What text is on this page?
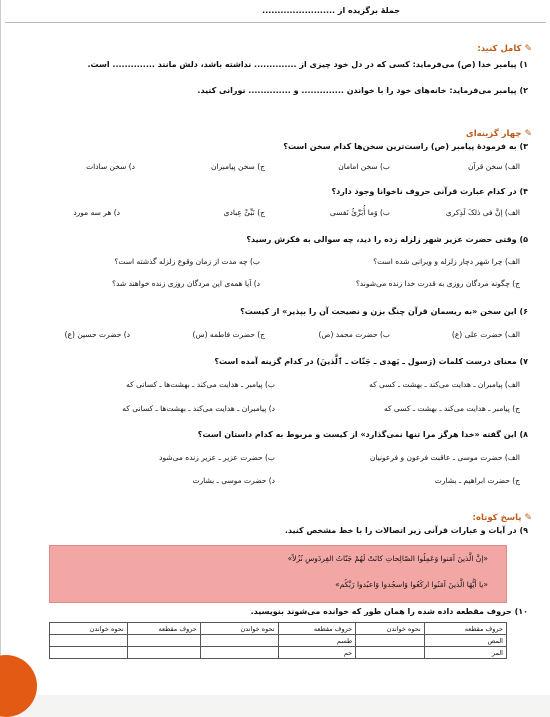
جملهٔ برگزیده از ........................
✎کامل کنید:
۱) پیامبر خدا (ص) می‌فرماید: کسی که در دل خود چیزی از .............. نداشته باشد، دلش مانند .............. است.
۲) پیامبر می‌فرماید: خانه‌های خود را با خواندن .............. و .............. نورانی کنید.
✎چهار گزینه‌ای
۳) به فرمودهٔ پیامبر (ص) راست‌ترین سخن‌ها کدام سخن است؟
الف) سخن قرآن
ب) سخن امامان
ج) سخن پیامبران
د) سخن سادات
۴) در کدام عبارت قرآنی حروف ناخوانا وجود دارد؟
الف) إنَّ فی ذلکَ لَذِکری
ب) وَما أُبَرِّئُ نَفسی
ج) نَبِّئْ عِبادی
د) هر سه مورد
۵) وقتی حضرت عزیر شهر زلزله زده را دید، چه سوالی به فکرش رسید؟
الف) چرا شهر دچار زلزله و ویرانی شده است؟
ب) چه مدت از زمان وقوع زلزله گذشته است؟
ج) چگونه مردگان روزی به قدرت خدا زنده می‌شوند؟
د) آیا همه‌ی این مردگان روزی زنده خواهند شد؟
۶) این سخن «به ریسمان قرآن چنگ بزن و نصیحت آن را بپذیر» از کیست؟
الف) حضرت علی (ع)
ب) حضرت محمد (ص)
ج) حضرت فاطمه (س)
د) حضرت حسین (ع)
۷) معنای درست کلمات (رَسول ـ یَهدی ـ جَنّات ـ ٱلَّذینَ) در کدام گزینه آمده است؟
الف) پیامبران ـ هدایت می‌کند ـ بهشت ـ کسی که
ب) پیامبر ـ هدایت می‌کند ـ بهشت‌ها ـ کسانی که
ج) پیامبر ـ هدایت می‌کند ـ بهشت ـ کسی که
د) پیامبران ـ هدایت می‌کند ـ بهشت‌ها ـ کسانی که
۸) این گفته «خدا هرگز مرا تنها نمی‌گذارد» از کیست و مربوط به کدام داستان است؟
الف) حضرت موسی ـ عاقبت فرعون و فرعونیان
ب) حضرت عزیر ـ عزیر زنده می‌شود
ج) حضرت ابراهیم ـ بشارت
د) حضرت موسی ـ بشارت
✎پاسخ کوتاه:
۹) در آیات و عبارات قرآنی زیر اتصالات را با خط مشخص کنید.
«إنَّ الَّذینَ آمَنوا وَعَمِلُوا الصّالِحاتِ کانَتْ لَهُمْ جَنّاتُ الفِردَوسِ نُزُلاً»
«یا أیُّهَا الَّذینَ آمَنُوا ارکَعُوا وَاسجُدوا وَاعبُدوا رَبَّکُم»
۱۰) حروف مقطعه داده شده را همان طور که خوانده می‌شوند بنویسید.
حروف مقطعه	نحوه خواندن	حروف مقطعه	نحوه خواندن	حروف مقطعه	نحوه خواندن
المص		طسم			
المر		حم			
